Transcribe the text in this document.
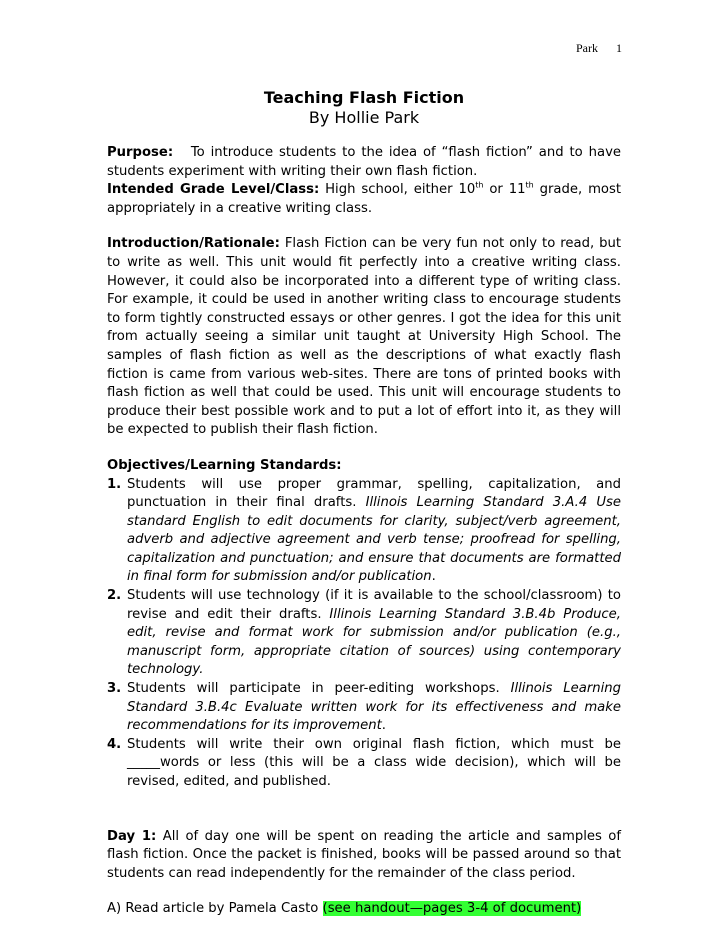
Park 1
Teaching Flash Fiction
By Hollie Park

Purpose: To introduce students to the idea of “flash fiction” and to have students experiment with writing their own flash fiction.

Intended Grade Level/Class: High school, either 10th or 11th grade, most appropriately in a creative writing class.

Introduction/Rationale: Flash Fiction can be very fun not only to read, but to write as well. This unit would fit perfectly into a creative writing class. However, it could also be incorporated into a different type of writing class. For example, it could be used in another writing class to encourage students to form tightly constructed essays or other genres. I got the idea for this unit from actually seeing a similar unit taught at University High School. The samples of flash fiction as well as the descriptions of what exactly flash fiction is came from various web-sites. There are tons of printed books with flash fiction as well that could be used. This unit will encourage students to produce their best possible work and to put a lot of effort into it, as they will be expected to publish their flash fiction.

Objectives/Learning Standards:

1. Students will use proper grammar, spelling, capitalization, and punctuation in their final drafts. Illinois Learning Standard 3.A.4 Use standard English to edit documents for clarity, subject/verb agreement, adverb and adjective agreement and verb tense; proofread for spelling, capitalization and punctuation; and ensure that documents are formatted in final form for submission and/or publication.
2. Students will use technology (if it is available to the school/classroom) to revise and edit their drafts. Illinois Learning Standard 3.B.4b Produce, edit, revise and format work for submission and/or publication (e.g., manuscript form, appropriate citation of sources) using contemporary technology.
3. Students will participate in peer-editing workshops. Illinois Learning Standard 3.B.4c Evaluate written work for its effectiveness and make recommendations for its improvement.
4. Students will write their own original flash fiction, which must be _____words or less (this will be a class wide decision), which will be revised, edited, and published.

Day 1: All of day one will be spent on reading the article and samples of flash fiction. Once the packet is finished, books will be passed around so that students can read independently for the remainder of the class period.

A) Read article by Pamela Casto (see handout—pages 3-4 of document)
